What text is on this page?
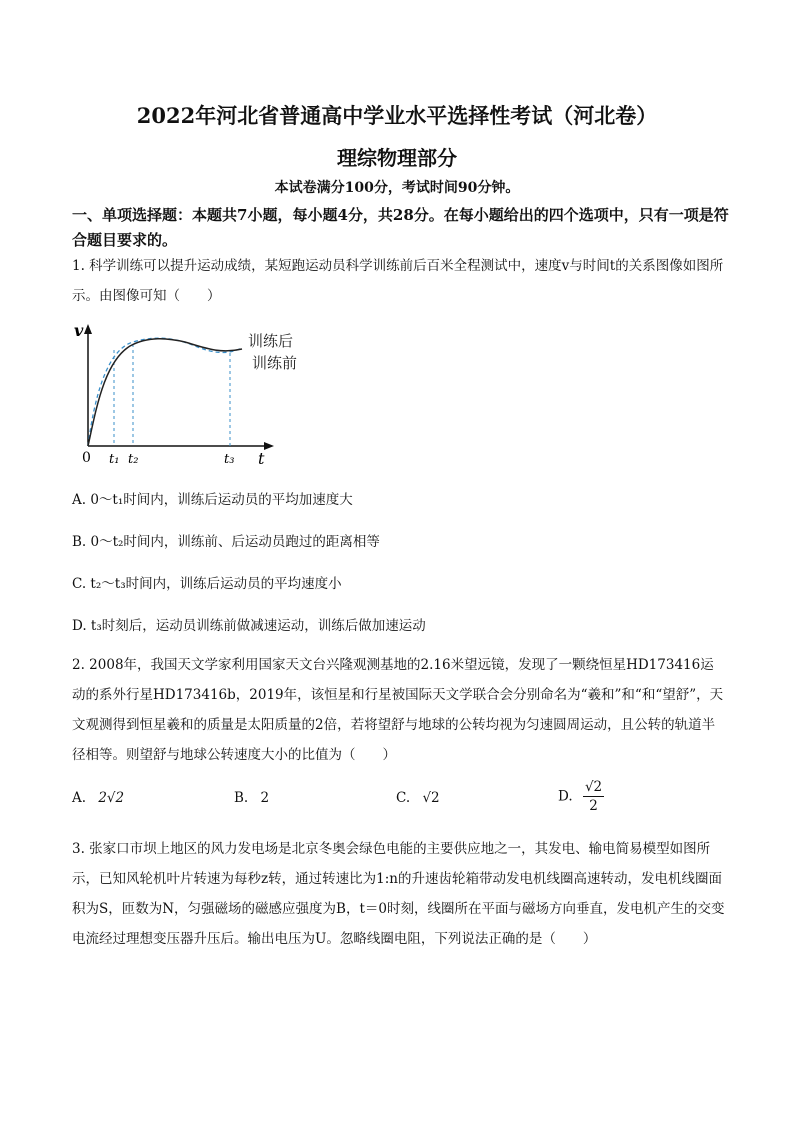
2022年河北省普通高中学业水平选择性考试（河北卷）
理综物理部分
本试卷满分100分，考试时间90分钟。
一、单项选择题：本题共7小题，每小题4分，共28分。在每小题给出的四个选项中，只有一项是符合题目要求的。
1. 科学训练可以提升运动成绩，某短跑运动员科学训练前后百米全程测试中，速度v与时间t的关系图像如图所示。由图像可知（　　）
v
0	t
t₁ t₂	t₃
训练后
训练前
A. 0～t₁时间内，训练后运动员的平均加速度大
B. 0～t₂时间内，训练前、后运动员跑过的距离相等
C. t₂～t₃时间内，训练后运动员的平均速度小
D. t₃时刻后，运动员训练前做减速运动，训练后做加速运动
2. 2008年，我国天文学家利用国家天文台兴隆观测基地的2.16米望远镜，发现了一颗绕恒星HD173416运动的系外行星HD173416b，2019年，该恒星和行星被国际天文学联合会分别命名为“羲和”和“和“望舒”，天文观测得到恒星羲和的质量是太阳质量的2倍，若将望舒与地球的公转均视为匀速圆周运动，且公转的轨道半径相等。则望舒与地球公转速度大小的比值为（　　）
A. 2√2	B. 2	C. √2	D. $\frac{√2}{2}$
3. 张家口市坝上地区的风力发电场是北京冬奥会绿色电能的主要供应地之一，其发电、输电简易模型如图所示，已知风轮机叶片转速为每秒z转，通过转速比为1:n的升速齿轮箱带动发电机线圈高速转动，发电机线圈面积为S，匝数为N，匀强磁场的磁感应强度为B，t＝0时刻，线圈所在平面与磁场方向垂直，发电机产生的交变电流经过理想变压器升压后。输出电压为U。忽略线圈电阻，下列说法正确的是（　　）
